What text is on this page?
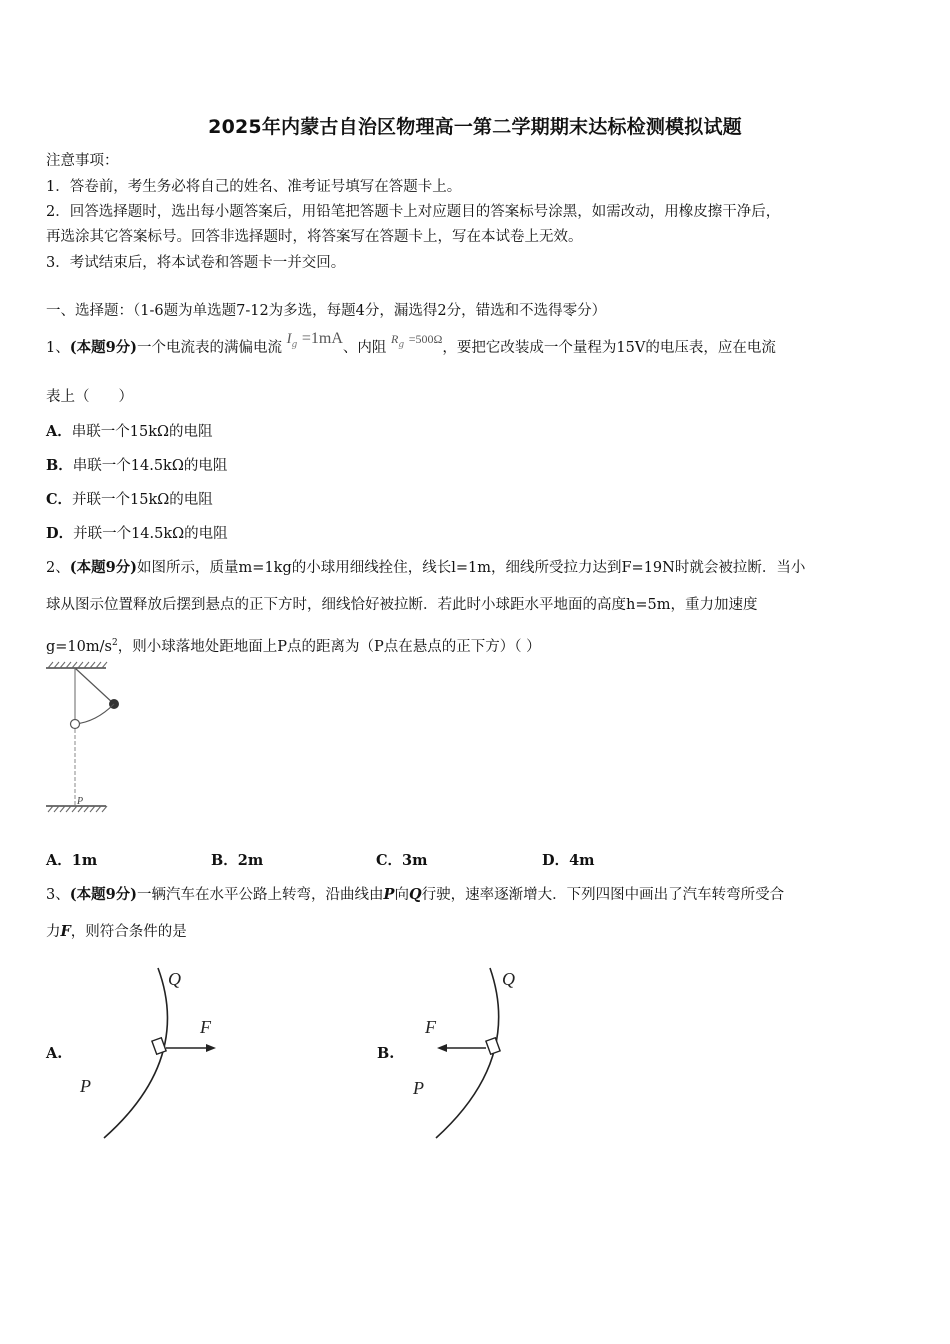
2025年内蒙古自治区物理高一第二学期期末达标检测模拟试题
注意事项：
1．答卷前，考生务必将自己的姓名、准考证号填写在答题卡上。
2．回答选择题时，选出每小题答案后，用铅笔把答题卡上对应题目的答案标号涂黑，如需改动，用橡皮擦干净后，
再选涂其它答案标号。回答非选择题时，将答案写在答题卡上，写在本试卷上无效。
3．考试结束后，将本试卷和答题卡一并交回。
一、选择题：（1-6题为单选题7-12为多选，每题4分，漏选得2分，错选和不选得零分）
1、(本题9分)一个电流表的满偏电流 $I_g =1mA$、内阻 $R_g =500\Omega$，要把它改装成一个量程为15V的电压表，应在电流
表上（　　）
A．串联一个15kΩ的电阻
B．串联一个14.5kΩ的电阻
C．并联一个15kΩ的电阻
D．并联一个14.5kΩ的电阻
2、(本题9分)如图所示，质量m=1kg的小球用细线拴住，线长l=1m，细线所受拉力达到F=19N时就会被拉断．当小
球从图示位置释放后摆到悬点的正下方时，细线恰好被拉断．若此时小球距水平地面的高度h=5m，重力加速度
$g=10m/s^2$，则小球落地处距地面上P点的距离为（P点在悬点的正下方）（ ）
P
A．1m	B．2m	C．3m	D．4m
3、(本题9分)一辆汽车在水平公路上转弯，沿曲线由P向Q行驶，速率逐渐增大．下列四图中画出了汽车转弯所受合
力F，则符合条件的是
A.
Q
F
P
B.
Q
F
P
